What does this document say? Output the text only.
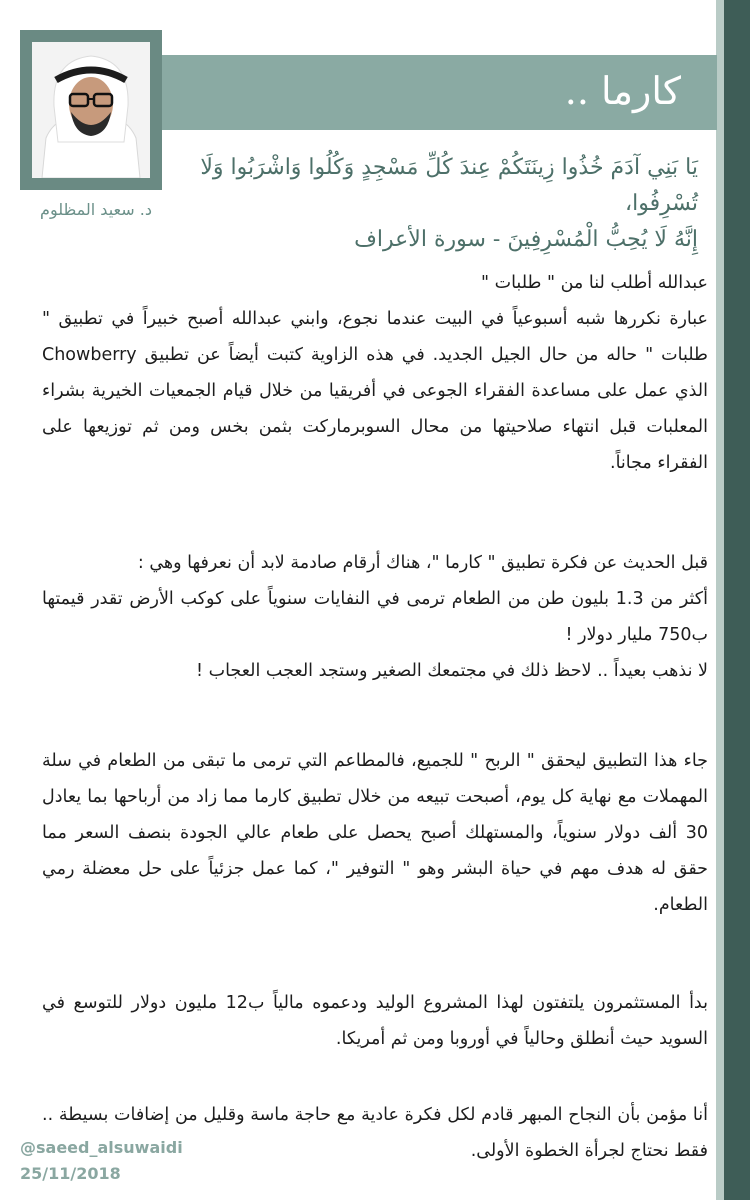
كارما ..
د. سعيد المظلوم
يَا بَنِي آدَمَ خُذُوا زِينَتَكُمْ عِندَ كُلِّ مَسْجِدٍ وَكُلُوا وَاشْرَبُوا وَلَا تُسْرِفُوا،
إِنَّهُ لَا يُحِبُّ الْمُسْرِفِينَ - سورة الأعراف

عبدالله أطلب لنا من " طلبات "

عبارة نكررها شبه أسبوعياً في البيت عندما نجوع، وابني عبدالله أصبح خبيراً في تطبيق " طلبات " حاله من حال الجيل الجديد. في هذه الزاوية كتبت أيضاً عن تطبيق Chowberry الذي عمل على مساعدة الفقراء الجوعى في أفريقيا من خلال قيام الجمعيات الخيرية بشراء المعلبات قبل انتهاء صلاحيتها من محال السوبرماركت بثمن بخس ومن ثم توزيعها على الفقراء مجاناً.

قبل الحديث عن فكرة تطبيق " كارما "، هناك أرقام صادمة لابد أن نعرفها وهي :

أكثر من 1.3 بليون طن من الطعام ترمى في النفايات سنوياً على كوكب الأرض تقدر قيمتها ب750 مليار دولار !

لا نذهب بعيداً .. لاحظ ذلك في مجتمعك الصغير وستجد العجب العجاب !

جاء هذا التطبيق ليحقق " الربح " للجميع، فالمطاعم التي ترمى ما تبقى من الطعام في سلة المهملات مع نهاية كل يوم، أصبحت تبيعه من خلال تطبيق كارما مما زاد من أرباحها بما يعادل 30 ألف دولار سنوياً، والمستهلك أصبح يحصل على طعام عالي الجودة بنصف السعر مما حقق له هدف مهم في حياة البشر وهو " التوفير "، كما عمل جزئياً على حل معضلة رمي الطعام.

بدأ المستثمرون يلتفتون لهذا المشروع الوليد ودعموه مالياً ب12 مليون دولار للتوسع في السويد حيث أنطلق وحالياً في أوروبا ومن ثم أمريكا.

أنا مؤمن بأن النجاح المبهر قادم لكل فكرة عادية مع حاجة ماسة وقليل من إضافات بسيطة .. فقط نحتاج لجرأة الخطوة الأولى.

@saeed_alsuwaidi
25/11/2018
